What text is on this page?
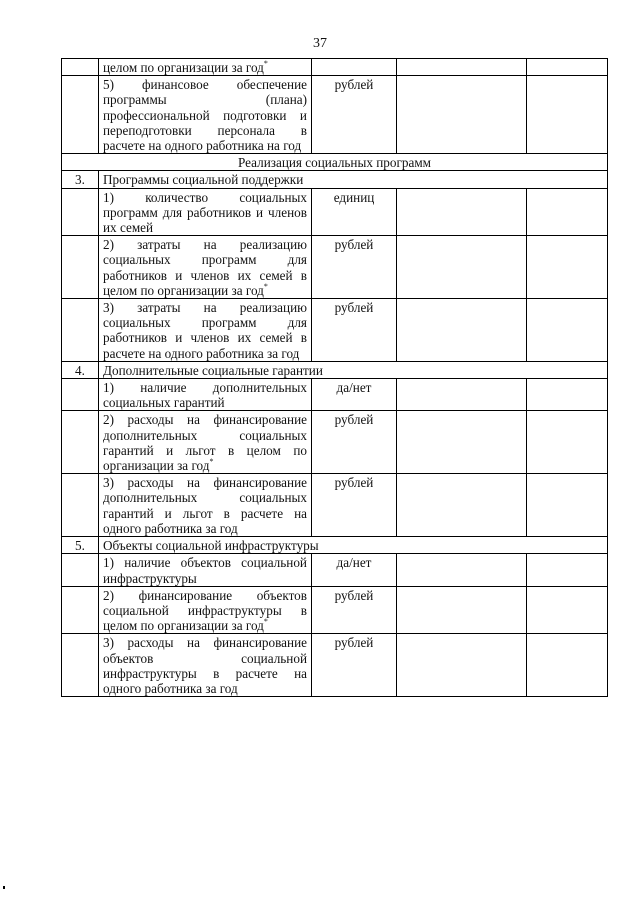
37
	целом по организации за год*			
	5) финансовое обеспечение программы (плана) профессиональной подготовки и переподготовки персонала в расчете на одного работника на год	рублей		
Реализация социальных программ				
3.	Программы социальной поддержки			
	1) количество социальных программ для работников и членов их семей	единиц		
	2) затраты на реализацию социальных программ для работников и членов их семей в целом по организации за год*	рублей		
	3) затраты на реализацию социальных программ для работников и членов их семей в расчете на одного работника за год	рублей		
4.	Дополнительные социальные гарантии			
	1) наличие дополнительных социальных гарантий	да/нет		
	2) расходы на финансирование дополнительных социальных гарантий и льгот в целом по организации за год*	рублей		
	3) расходы на финансирование дополнительных социальных гарантий и льгот в расчете на одного работника за год	рублей		
5.	Объекты социальной инфраструктуры			
	1) наличие объектов социальной инфраструктуры	да/нет		
	2) финансирование объектов социальной инфраструктуры в целом по организации за год*	рублей		
	3) расходы на финансирование объектов социальной инфраструктуры в расчете на одного работника за год	рублей		
